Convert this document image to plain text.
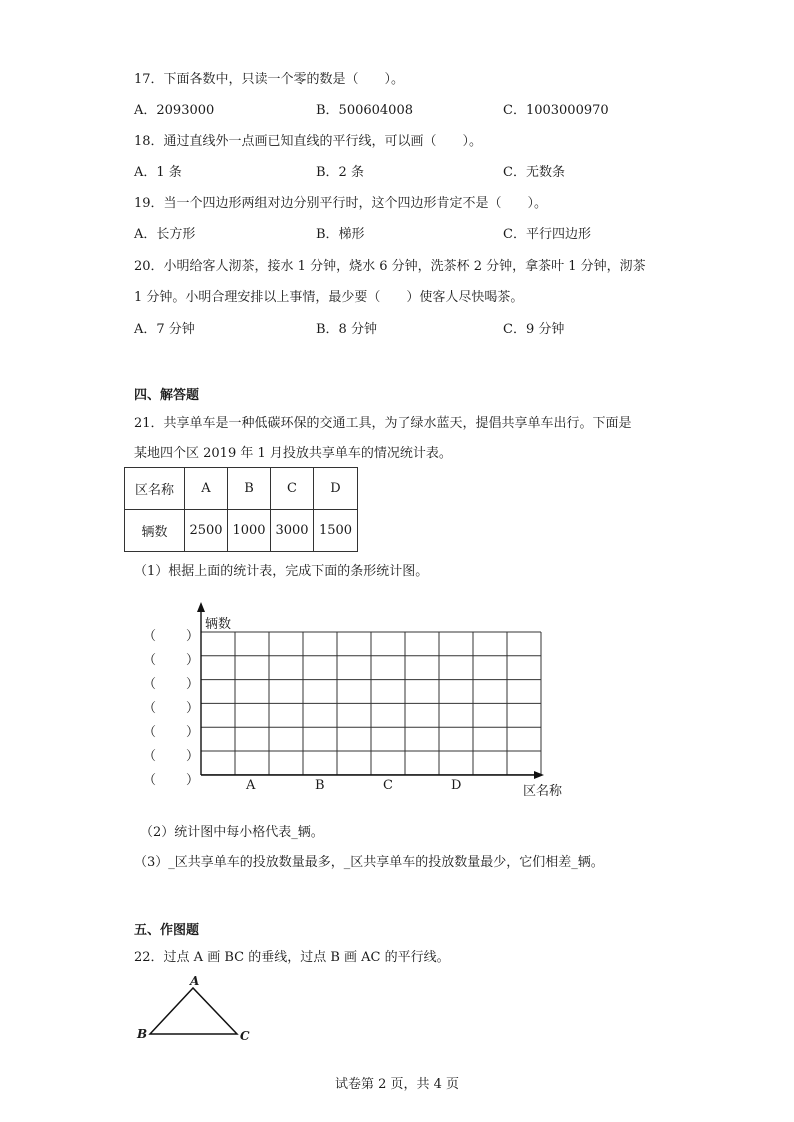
17．下面各数中，只读一个零的数是（　　）。
A．2093000	B．500604008	C．1003000970
18．通过直线外一点画已知直线的平行线，可以画（　　）。
A．1 条	B．2 条	C．无数条
19．当一个四边形两组对边分别平行时，这个四边形肯定不是（　　）。
A．长方形	B．梯形	C．平行四边形
20．小明给客人沏茶，接水 1 分钟，烧水 6 分钟，洗茶杯 2 分钟，拿茶叶 1 分钟，沏茶
1 分钟。小明合理安排以上事情，最少要（　　）使客人尽快喝茶。
A．7 分钟	B．8 分钟	C．9 分钟
四、解答题
21．共享单车是一种低碳环保的交通工具，为了绿水蓝天，提倡共享单车出行。下面是
某地四个区 2019 年 1 月投放共享单车的情况统计表。
区名称	A	B	C	D
辆数	2500	1000	3000	1500
（1）根据上面的统计表，完成下面的条形统计图。
（ ）
（ ）
（ ）
（ ）
（ ）
（ ）
（ ）
辆数
A	B	C	D	区名称
（2）统计图中每小格代表_辆。
（3）_区共享单车的投放数量最多，_区共享单车的投放数量最少，它们相差_辆。
五、作图题
22．过点 A 画 BC 的垂线，过点 B 画 AC 的平行线。
A
B	C
试卷第 2 页，共 4 页
